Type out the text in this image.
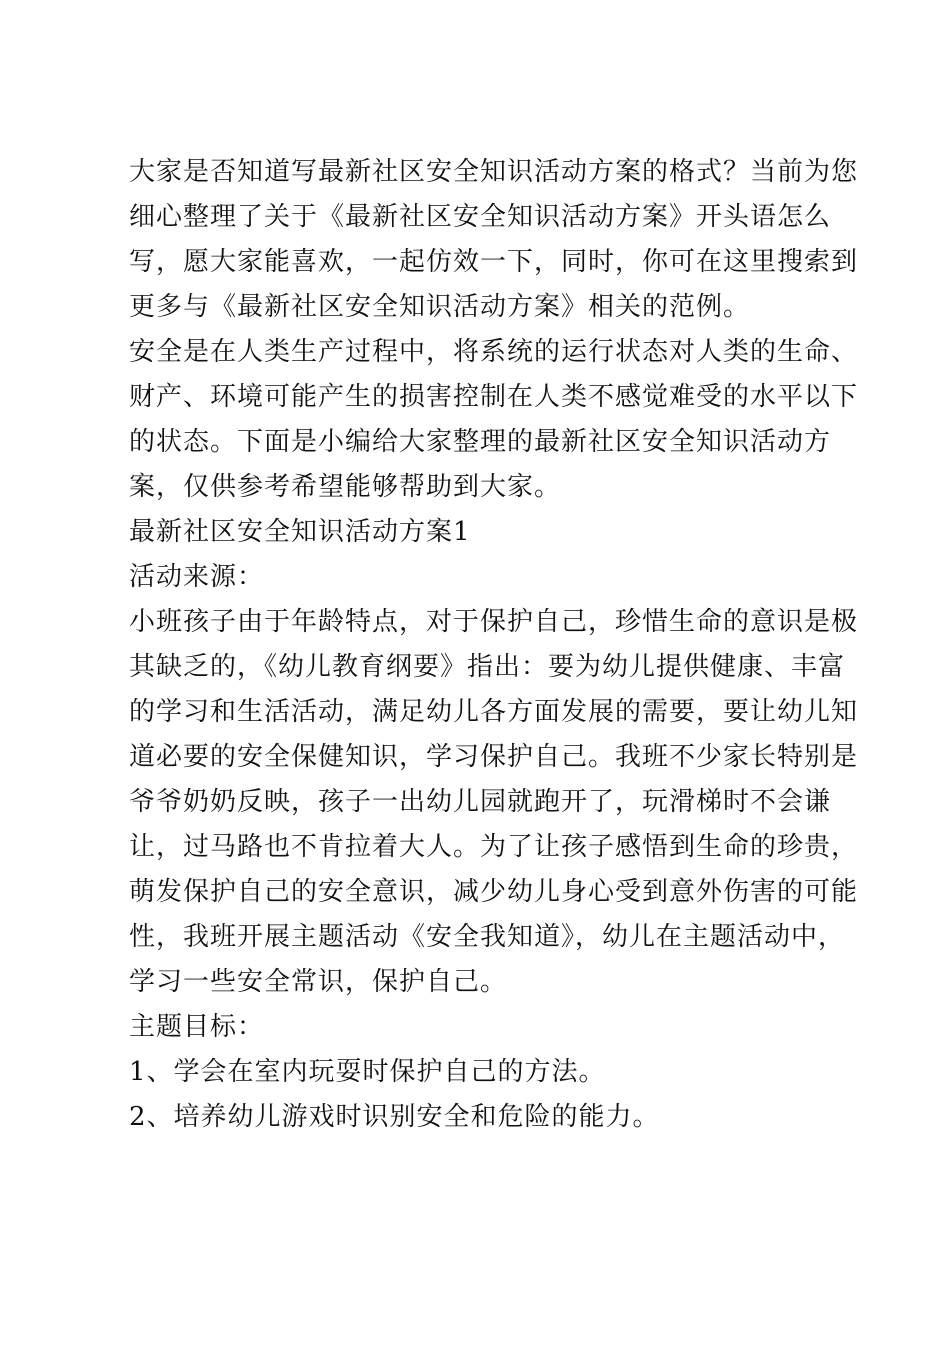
大家是否知道写最新社区安全知识活动方案的格式？当前为您
细心整理了关于《最新社区安全知识活动方案》开头语怎么
写，愿大家能喜欢，一起仿效一下，同时，你可在这里搜索到
更多与《最新社区安全知识活动方案》相关的范例。
安全是在人类生产过程中，将系统的运行状态对人类的生命、
财产、环境可能产生的损害控制在人类不感觉难受的水平以下
的状态。下面是小编给大家整理的最新社区安全知识活动方
案，仅供参考希望能够帮助到大家。
最新社区安全知识活动方案1
活动来源：
小班孩子由于年龄特点，对于保护自己，珍惜生命的意识是极
其缺乏的，《幼儿教育纲要》指出：要为幼儿提供健康、丰富
的学习和生活活动，满足幼儿各方面发展的需要，要让幼儿知
道必要的安全保健知识，学习保护自己。我班不少家长特别是
爷爷奶奶反映，孩子一出幼儿园就跑开了，玩滑梯时不会谦
让，过马路也不肯拉着大人。为了让孩子感悟到生命的珍贵，
萌发保护自己的安全意识，减少幼儿身心受到意外伤害的可能
性，我班开展主题活动《安全我知道》，幼儿在主题活动中，
学习一些安全常识，保护自己。
主题目标：
1、学会在室内玩耍时保护自己的方法。
2、培养幼儿游戏时识别安全和危险的能力。
